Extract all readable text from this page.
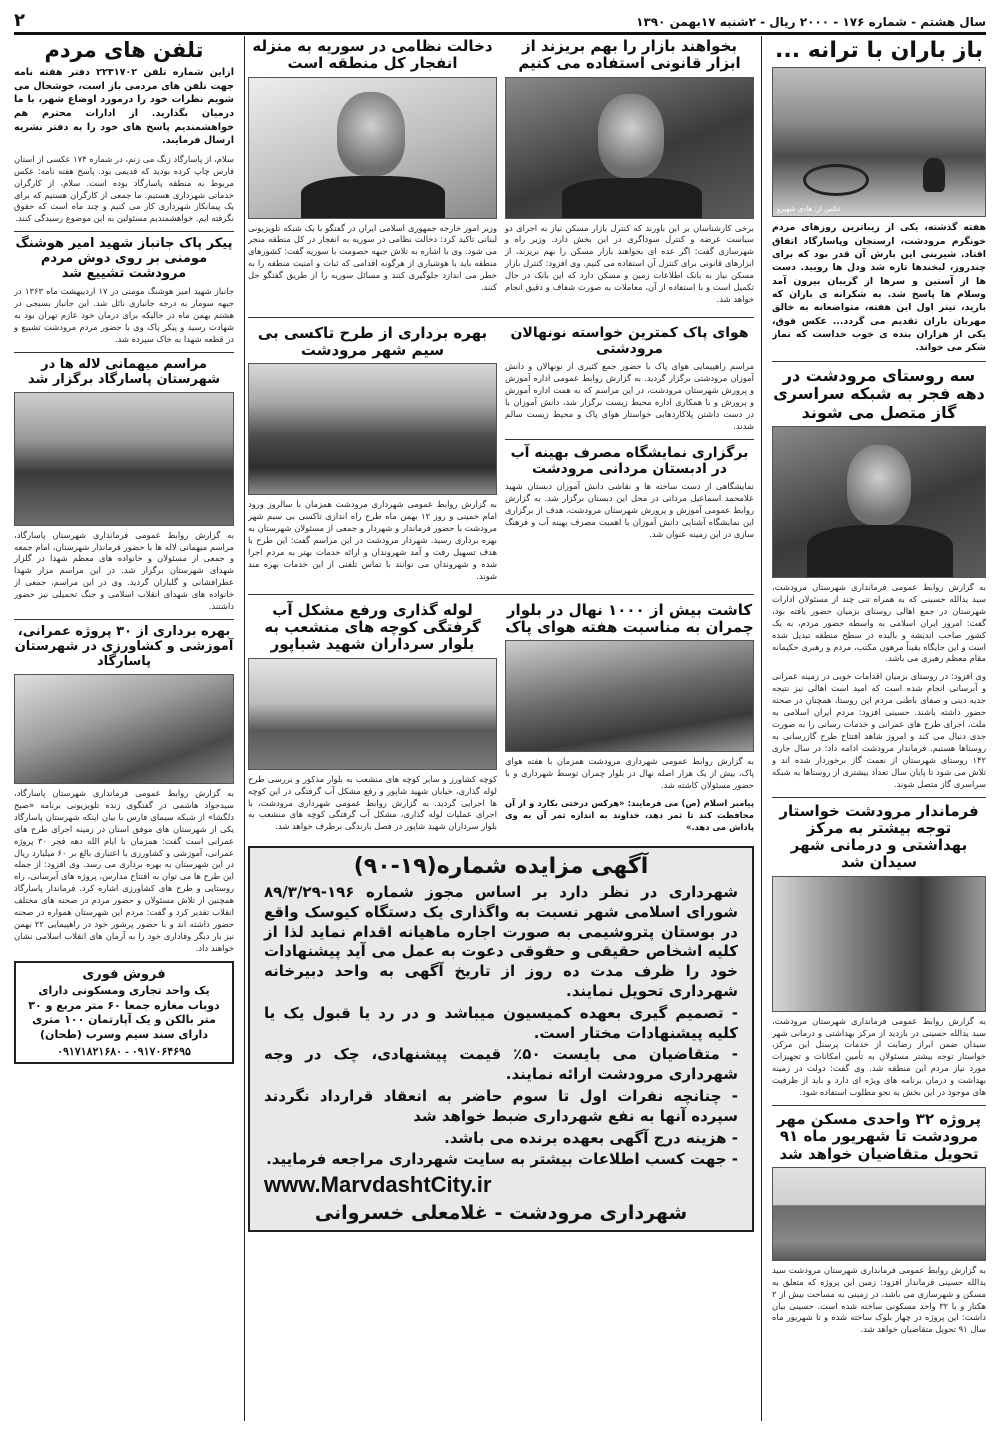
سال هشتم - شماره ۱۷۶ - ۲۰۰۰ ریال - ۲شنبه ۱۷بهمن ۱۳۹۰
۲
باز باران با ترانه ...
عکس از: هادی شهپرو

هفته گذشته، یکی از زیباترین روزهای مردم خونگرم مرودشت، ارسنجان وپاسارگاد اتفاق افتاد. شیرینی این بارش آن قدر بود که برای چندروز، لبخندها تازه شد ودل ها رویید. دست ها از آستین و سرها از گریبان بیرون آمد وسلام ها پاسخ شد. به شکرانه ی باران که بارید، تیتر اول این هفته، متواضعانه به خالق مهربان باران تقدیم می گردد... عکس فوق، یکی از هزاران بنده ی خوب خداست که نماز شکر می خواند.

سه روستای مرودشت در دهه فجر به شبکه سراسری گاز متصل می شوند

به گزارش روابط عمومی فرمانداری شهرستان مرودشت، سید یدالله حسینی که به همراه تنی چند از مسئولان ادارات شهرستان در جمع اهالی روستای بزمیان حضور یافته بود، گفت: امروز ایران اسلامی به واسطه حضور مردم، به یک کشور صاحب اندیشه و بالیده در سطح منطقه تبدیل شده است و این جایگاه یقیناً مرهون مکتب، مردم و رهبری حکیمانه مقام معظم رهبری می باشد.

وی افزود: در روستای بزمیان اقدامات خوبی در زمینه عمرانی و آبرسانی انجام شده است که امید است اهالی نیز نتیجه جدیه دینی و صفای باطنی مردم این روستا، همچنان در صحنه حضور داشته باشند. حسینی افزود: مردم ایران اسلامی به ملت، اجرای طرح های عمرانی و خدمات رسانی را به صورت جدی دنبال می کند و امروز شاهد افتتاح طرح گازرسانی به روستاها هستیم. فرماندار مرودشت ادامه داد: در سال جاری ۱۴۲ روستای شهرستان از نعمت گاز برخوردار شده اند و تلاش می شود تا پایان سال تعداد بیشتری از روستاها به شبکه سراسری گاز متصل شوند.

فرماندار مرودشت خواستار توجه بیشتر به مرکز بهداشتی و درمانی شهر سیدان شد

به گزارش روابط عمومی فرمانداری شهرستان مرودشت، سید یدالله حسینی در بازدید از مرکز بهداشتی و درمانی شهر سیدان ضمن ابراز رضایت از خدمات پرسنل این مرکز، خواستار توجه بیشتر مسئولان به تأمین امکانات و تجهیزات مورد نیاز مردم این منطقه شد. وی گفت: دولت در زمینه بهداشت و درمان برنامه های ویژه ای دارد و باید از ظرفیت های موجود در این بخش به نحو مطلوب استفاده شود.

پروژه ۳۲ واحدی مسکن مهر مرودشت تا شهریور ماه ۹۱ تحویل متقاضیان خواهد شد

به گزارش روابط عمومی فرمانداری شهرستان مرودشت سید یدالله حسینی فرماندار افزود: زمین این پروژه که متعلق به مسکن و شهرسازی می باشد، در زمینی به مساحت بیش از ۲ هکتار و با ۳۲ واحد مسکونی ساخته شده است. حسینی بیان داشت: این پروژه در چهار بلوک ساخته شده و تا شهریور ماه سال ۹۱ تحویل متقاضیان خواهد شد.

بخواهند بازار را بهم بریزند از ابزار قانونی استفاده می کنیم

برخی کارشناسان بر این باورند که کنترل بازار مسکن نیاز به اجرای دو سیاست عرضه و کنترل سوداگری در این بخش دارد. وزیر راه و شهرسازی گفت: اگر عده ای بخواهند بازار مسکن را بهم بریزند، از ابزارهای قانونی برای کنترل آن استفاده می کنیم. وی افزود: کنترل بازار مسکن نیاز به بانک اطلاعات زمین و مسکن دارد که این بانک در حال تکمیل است و با استفاده از آن، معاملات به صورت شفاف و دقیق انجام خواهد شد.

دخالت نظامی در سوریه به منزله انفجار کل منطقه است

وزیر امور خارجه جمهوری اسلامی ایران در گفتگو با یک شبکه تلویزیونی لبنانی تاکید کرد: دخالت نظامی در سوریه به انفجار در کل منطقه منجر می شود. وی با اشاره به تلاش جبهه خصومت با سوریه گفت: کشورهای منطقه باید با هوشیاری از هرگونه اقدامی که ثبات و امنیت منطقه را به خطر می اندازد جلوگیری کنند و مسائل سوریه را از طریق گفتگو حل کنند.

هوای پاک کمترین خواسته نونهالان مرودشتی

مراسم راهپیمایی هوای پاک با حضور جمع کثیری از نونهالان و دانش آموزان مرودشتی برگزار گردید. به گزارش روابط عمومی اداره آموزش و پرورش شهرستان مرودشت، در این مراسم که به همت اداره آموزش و پرورش و با همکاری اداره محیط زیست برگزار شد، دانش آموزان با در دست داشتن پلاکاردهایی خواستار هوای پاک و محیط زیست سالم شدند.

برگزاری نمایشگاه مصرف بهینه آب در ادبستان مردانی مرودشت

نمایشگاهی از دست ساخته ها و نقاشی دانش آموزان دبستان شهید علامحمد اسماعیل مردانی در محل این دبستان برگزار شد. به گزارش روابط عمومی آموزش و پرورش شهرستان مرودشت، هدف از برگزاری این نمایشگاه آشنایی دانش آموزان با اهمیت مصرف بهینه آب و فرهنگ سازی در این زمینه عنوان شد.

بهره برداری از طرح تاکسی بی سیم شهر مرودشت

به گزارش روابط عمومی شهرداری مرودشت همزمان با سالروز ورود امام خمینی و روز ۱۲ بهمن ماه طرح راه اندازی تاکسی بی سیم شهر مرودشت با حضور فرماندار و شهردار و جمعی از مسئولان شهرستان به بهره برداری رسید. شهردار مرودشت در این مراسم گفت: این طرح با هدف تسهیل رفت و آمد شهروندان و ارائه خدمات بهتر به مردم اجرا شده و شهروندان می توانند با تماس تلفنی از این خدمات بهره مند شوند.

کاشت بیش از ۱۰۰۰ نهال در بلوار چمران به مناسبت هفته هوای پاک

به گزارش روابط عمومی شهرداری مرودشت همزمان با هفته هوای پاک، بیش از یک هزار اصله نهال در بلوار چمران توسط شهرداری و با حضور مسئولان کاشته شد.

پیامبر اسلام (ص) می فرمایند: «هرکس درختی بکارد و از آن محافظت کند تا ثمر دهد، خداوند به اندازه ثمر آن به وی پاداش می دهد.»

لوله گذاری ورفع مشکل آب گرفتگی کوچه های منشعب به بلوار سرداران شهید شباپور

کوچه کشاورز و سایر کوچه های منشعب به بلوار مذکور و بررسی طرح لوله گذاری، خیابان شهید شاپور و رفع مشکل آب گرفتگی در این کوچه ها اجرایی گردید. به گزارش روابط عمومی شهرداری مرودشت، با اجرای عملیات لوله گذاری، مشکل آب گرفتگی کوچه های منشعب به بلوار سرداران شهید شاپور در فصل بارندگی برطرف خواهد شد.

آگهی مزایده شماره(۱۹-۹۰)

شهرداری در نظر دارد بر اساس مجوز شماره ۱۹۶-۸۹/۳/۲۹ شورای اسلامی شهر نسبت به واگذاری یک دستگاه کیوسک واقع در بوستان پتروشیمی به صورت اجاره ماهیانه اقدام نماید لذا از کلیه اشخاص حقیقی و حقوقی دعوت به عمل می آید پیشنهادات خود را ظرف مدت ده روز از تاریخ آگهی به واحد دبیرخانه شهرداری تحویل نمایند.

- تصمیم گیری بعهده کمیسیون میباشد و در رد یا قبول یک یا کلیه پیشنهادات مختار است.

- متقاضیان می بایست ۵۰٪ قیمت پیشنهادی، چک در وجه شهرداری مرودشت ارائه نمایند.

- چنانچه نفرات اول تا سوم حاضر به انعقاد قرارداد نگردند سپرده آنها به نفع شهرداری ضبط خواهد شد

- هزینه درج آگهی بعهده برنده می باشد.

- جهت کسب اطلاعات بیشتر به سایت شهرداری مراجعه فرمایید.

www.MarvdashtCity.ir
شهرداری مرودشت - غلامعلی خسروانی
تلفن های مردم

ازاین شماره تلفن ۲۲۳۱۷۰۲ دفتر هفته نامه جهت تلفن های مردمی باز است، خوشحال می شویم نظرات خود را درمورد اوضاع شهر، با ما درمیان بگذارید. از ادارات محترم هم خواهشمندیم پاسخ های خود را به دفتر نشریه ارسال فرمایند.

سلام، از پاسارگاد زنگ می زنم، در شماره ۱۷۴ عکسی از استان فارس چاپ کرده بودید که قدیمی بود. پاسخ هفته نامه: عکس مربوط به منطقه پاسارگاد بوده است. سلام، از کارگران خدماتی شهرداری هستیم. ما جمعی از کارگران هستیم که برای یک پیمانکار شهرداری کار می کنیم و چند ماه است که حقوق نگرفته ایم. خواهشمندیم مسئولین به این موضوع رسیدگی کنند.

پیکر پاک جانباز شهید امیر هوشنگ مومنی بر روی دوش مردم مرودشت تشییع شد

جانباز شهید امیر هوشنگ مومنی در ۱۷ اردیبهشت ماه ۱۳۶۳ در جبهه سومار به درجه جانبازی نائل شد. این جانباز بسیجی در هشتم بهمن ماه در حالیکه برای درمان خود عازم تهران بود به شهادت رسید و پیکر پاک وی با حضور مردم مرودشت تشییع و در قطعه شهدا به خاک سپرده شد.

مراسم میهمانی لاله ها در شهرستان پاسارگاد برگزار شد

به گزارش روابط عمومی فرمانداری شهرستان پاسارگاد، مراسم میهمانی لاله ها با حضور فرماندار شهرستان، امام جمعه و جمعی از مسئولان و خانواده های معظم شهدا در گلزار شهدای شهرستان برگزار شد. در این مراسم مزار شهدا عطرافشانی و گلباران گردید. وی در این مراسم، جمعی از خانواده های شهدای انقلاب اسلامی و جنگ تحمیلی نیز حضور داشتند.

بهره برداری از ۳۰ پروژه عمرانی، آموزشی و کشاورزی در شهرستان پاسارگاد

به گزارش روابط عمومی فرمانداری شهرستان پاسارگاد، سیدجواد هاشمی در گفتگوی زنده تلویزیونی برنامه «صبح دلگشا» از شبکه سیمای فارس با بیان اینکه شهرستان پاسارگاد یکی از شهرستان های موفق استان در زمینه اجرای طرح های عمرانی است گفت: همزمان با ایام الله دهه فجر ۳۰ پروژه عمرانی، آموزشی و کشاورزی با اعتباری بالغ بر ۶۰ میلیارد ریال در این شهرستان به بهره برداری می رسد. وی افزود: از جمله این طرح ها می توان به افتتاح مدارس، پروژه های آبرسانی، راه روستایی و طرح های کشاورزی اشاره کرد. فرماندار پاسارگاد همچنین از تلاش مسئولان و حضور مردم در صحنه های مختلف انقلاب تقدیر کرد و گفت: مردم این شهرستان همواره در صحنه حضور داشته اند و با حضور پرشور خود در راهپیمایی ۲۲ بهمن نیز بار دیگر وفاداری خود را به آرمان های انقلاب اسلامی نشان خواهند داد.

فروش فوری

یک واحد تجاری ومسکونی دارای دوباب مغازه جمعا ۶۰ متر مربع و ۳۰ متر بالکن و یک آپارتمان ۱۰۰ متری دارای سند سیم وسرب (طحان)

۰۹۱۷۱۸۲۱۶۸۰ - ۰۹۱۷۰۶۴۶۹۵
